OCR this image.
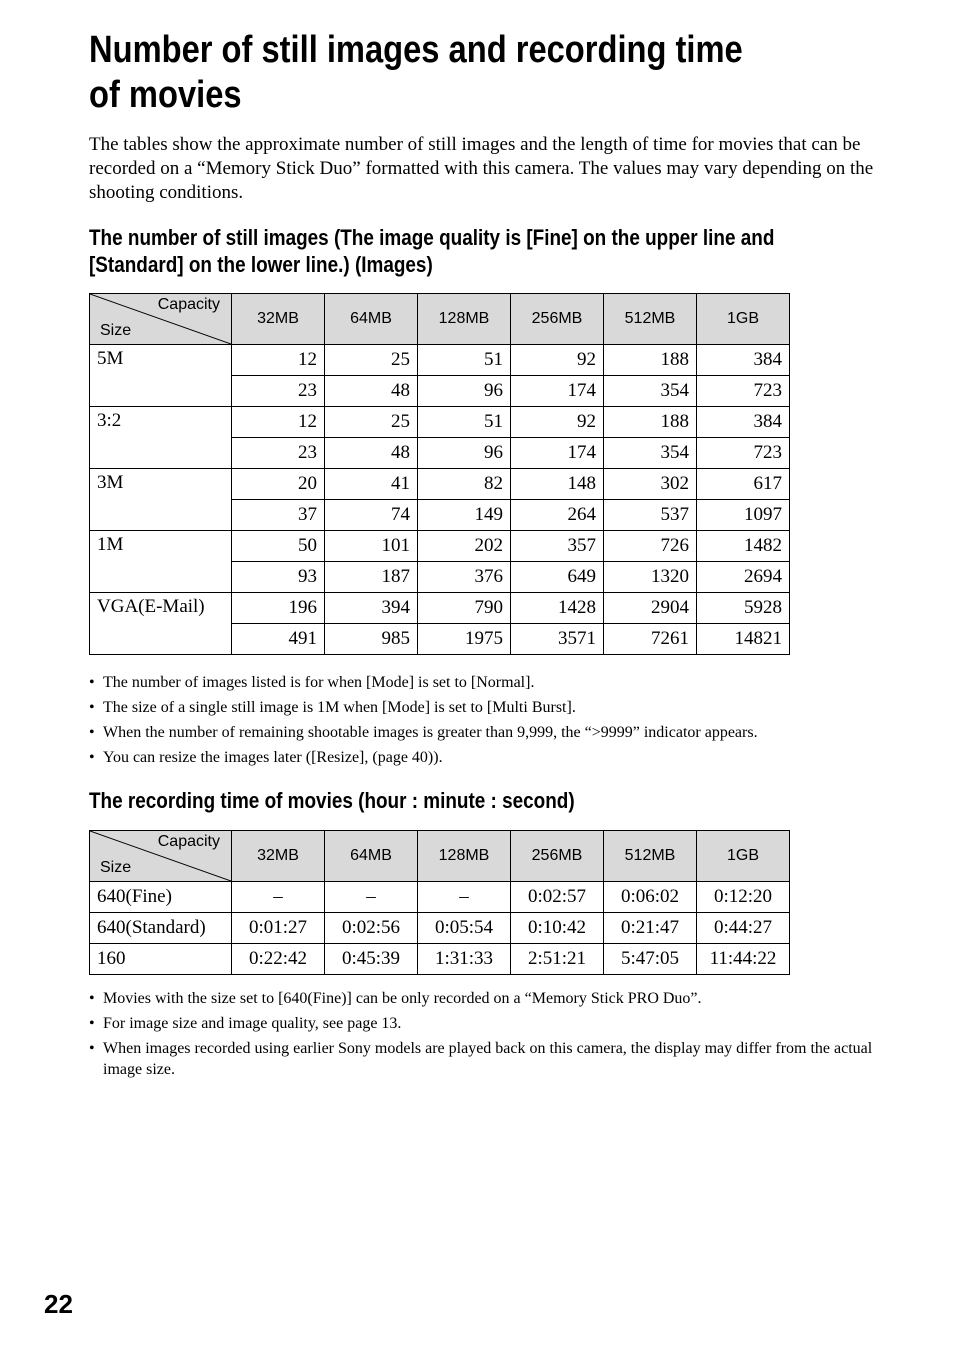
Number of still images and recording time of movies

The tables show the approximate number of still images and the length of time for movies that can be recorded on a “Memory Stick Duo” formatted with this camera. The values may vary depending on the shooting conditions.

The number of still images (The image quality is [Fine] on the upper line and [Standard] on the lower line.) (Images)
Capacity
Size	32MB	64MB	128MB	256MB	512MB	1GB
5M	12	25	51	92	188	384
	23	48	96	174	354	723
3:2	12	25	51	92	188	384
	23	48	96	174	354	723
3M	20	41	82	148	302	617
	37	74	149	264	537	1097
1M	50	101	202	357	726	1482
	93	187	376	649	1320	2694
VGA(E-Mail)	196	394	790	1428	2904	5928
	491	985	1975	3571	7261	14821
• The number of images listed is for when [Mode] is set to [Normal].
• The size of a single still image is 1M when [Mode] is set to [Multi Burst].
• When the number of remaining shootable images is greater than 9,999, the “>9999” indicator appears.
• You can resize the images later ([Resize], (page 40)).
The recording time of movies (hour : minute : second)
Capacity
Size	32MB	64MB	128MB	256MB	512MB	1GB
640(Fine)	–	–	–	0:02:57	0:06:02	0:12:20
640(Standard)	0:01:27	0:02:56	0:05:54	0:10:42	0:21:47	0:44:27
160	0:22:42	0:45:39	1:31:33	2:51:21	5:47:05	11:44:22
• Movies with the size set to [640(Fine)] can be only recorded on a “Memory Stick PRO Duo”.
• For image size and image quality, see page 13.
• When images recorded using earlier Sony models are played back on this camera, the display may differ from the actual image size.
22
